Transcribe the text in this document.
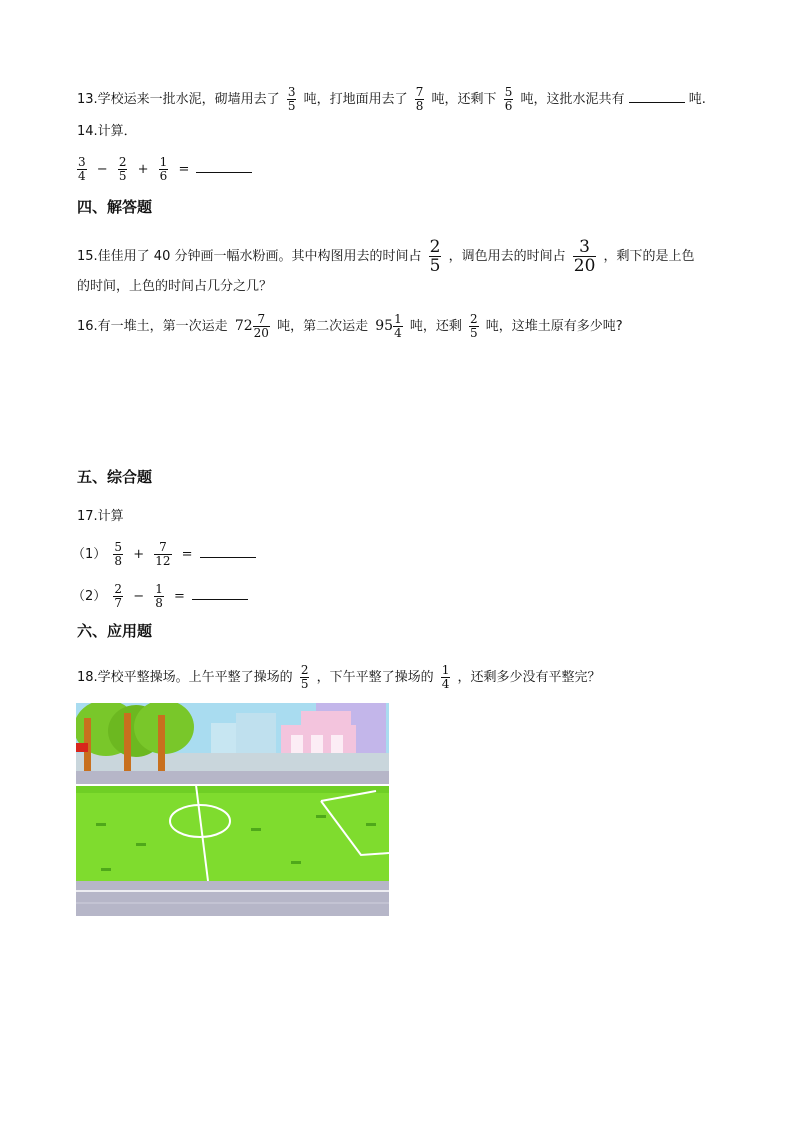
13.学校运来一批水泥，砌墙用去了 $\frac{3}{5}$ 吨，打地面用去了 $\frac{7}{8}$ 吨，还剩下 $\frac{5}{6}$ 吨，这批水泥共有	吨.
14.计算．
$\frac{3}{4} - \frac{2}{5} + \frac{1}{6}$ =
四、解答题
15.佳佳用了 40 分钟画一幅水粉画。其中构图用去的时间占 $\frac{2}{5}$ ，调色用去的时间占 $\frac{3}{20}$ ，剩下的是上色
的时间，上色的时间占几分之几？
16.有一堆土，第一次运走 $72 \frac{7}{20}$ 吨，第二次运走 $95 \frac{1}{4}$ 吨，还剩 $\frac{2}{5}$ 吨，这堆土原有多少吨?
五、综合题
17.计算
$(1) \frac{5}{8} + \frac{7}{12}$ =
$(2) \frac{2}{7} - \frac{1}{8}$ =
六、应用题
18.学校平整操场。上午平整了操场的 $\frac{2}{5}$ ，下午平整了操场的 $\frac{1}{4}$ ，还剩多少没有平整完？
